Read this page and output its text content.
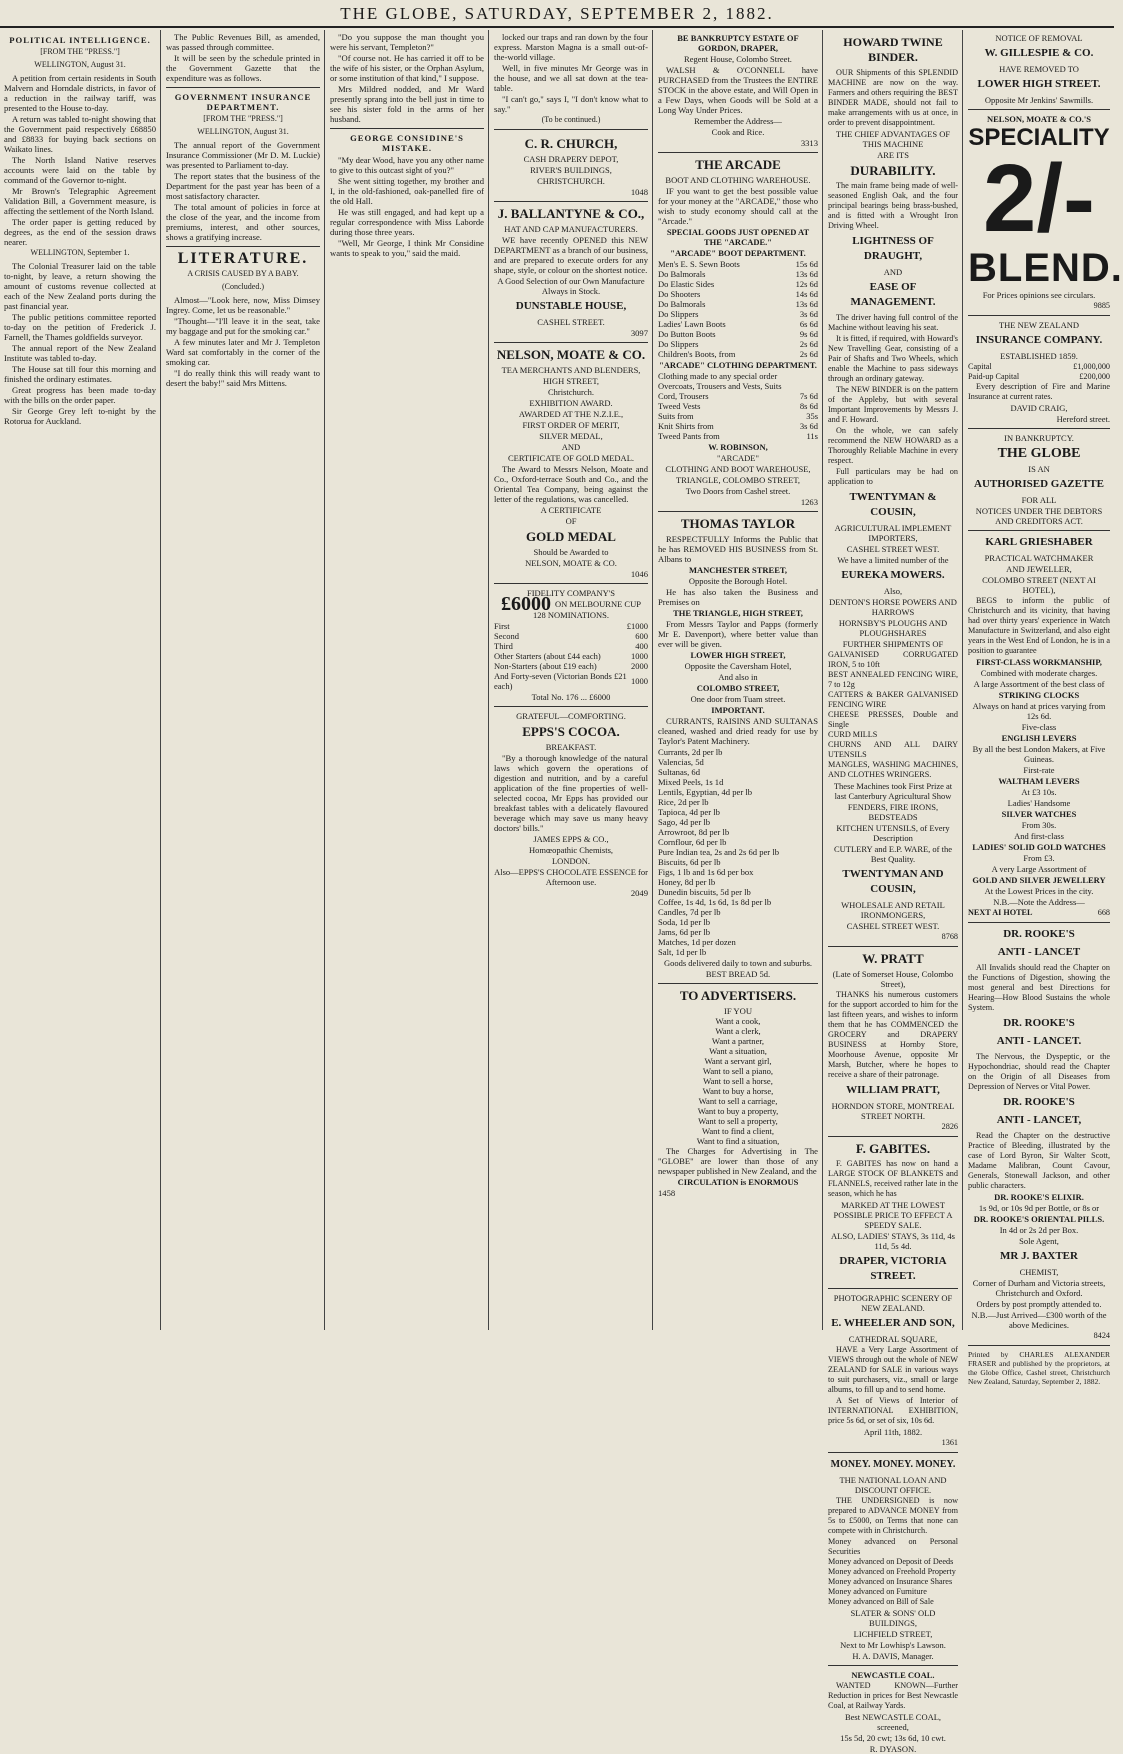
THE GLOBE, SATURDAY, SEPTEMBER 2, 1882.
POLITICAL INTELLIGENCE.
[FROM THE "PRESS."]
WELLINGTON, August 31.

A petition from certain residents in South Malvern and Horndale districts, in favor of a reduction in the railway tariff, was presented to the House to-day.

A return was tabled to-night showing that the Government paid respectively £68850 and £8833 for buying back sections on Waikato lines.

The North Island Native reserves accounts were laid on the table by command of the Governor to-night.

Mr Brown's Telegraphic Agreement Validation Bill, a Government measure, is affecting the settlement of the North Island.

The order paper is getting reduced by degrees, as the end of the session draws nearer.

WELLINGTON, September 1.

The Colonial Treasurer laid on the table to-night, by leave, a return showing the amount of customs revenue collected at each of the New Zealand ports during the past financial year.

The public petitions committee reported to-day on the petition of Frederick J. Farnell, the Thames goldfields surveyor.

The annual report of the New Zealand Institute was tabled to-day.

The House sat till four this morning and finished the ordinary estimates.

Great progress has been made to-day with the bills on the order paper.

Sir George Grey left to-night by the Rotorua for Auckland.

The Public Revenues Bill, as amended, was passed through committee.

It will be seen by the schedule printed in the Government Gazette that the expenditure was as follows.

GOVERNMENT INSURANCE DEPARTMENT.
[FROM THE "PRESS."]
WELLINGTON, August 31.

The annual report of the Government Insurance Commissioner (Mr D. M. Luckie) was presented to Parliament to-day.

The report states that the business of the Department for the past year has been of a most satisfactory character.

The total amount of policies in force at the close of the year, and the income from premiums, interest, and other sources, shows a gratifying increase.

LITERATURE.
A CRISIS CAUSED BY A BABY.
(Concluded.)

Almost—"Look here, now, Miss Dimsey Ingrey. Come, let us be reasonable."

"Thought—"I'll leave it in the seat, take my baggage and put for the smoking car."

A few minutes later and Mr J. Templeton Ward sat comfortably in the corner of the smoking car.

"I do really think this will ready want to desert the baby!" said Mrs Mittens.

"Do you suppose the man thought you were his servant, Templeton?"

"Of course not. He has carried it off to be the wife of his sister, or the Orphan Asylum, or some institution of that kind," I suppose.

Mrs Mildred nodded, and Mr Ward presently sprang into the bell just in time to see his sister fold in the arms of her husband.

GEORGE CONSIDINE'S MISTAKE.

"My dear Wood, have you any other name to give to this outcast sight of you?"

She went sitting together, my brother and I, in the old-fashioned, oak-panelled fire of the old Hall.

He was still engaged, and had kept up a regular correspondence with Miss Laborde during those three years.

"Well, Mr George, I think Mr Considine wants to speak to you," said the maid.

locked our traps and ran down by the four express. Marston Magna is a small out-of-the-world village.

Well, in five minutes Mr George was in the house, and we all sat down at the tea-table.

"I can't go," says I, "I don't know what to say."

(To be continued.)
C. R. CHURCH,
CASH DRAPERY DEPOT,
RIVER'S BUILDINGS,
CHRISTCHURCH.
1048
J. BALLANTYNE & CO.,
HAT AND CAP MANUFACTURERS.

WE have recently OPENED this NEW DEPARTMENT as a branch of our business, and are prepared to execute orders for any shape, style, or colour on the shortest notice.

A Good Selection of our Own Manufacture Always in Stock.
DUNSTABLE HOUSE,
CASHEL STREET.
3097
NELSON, MOATE & CO.
TEA MERCHANTS AND BLENDERS,
HIGH STREET,
Christchurch.
EXHIBITION AWARD.
AWARDED AT THE N.Z.I.E.,
FIRST ORDER OF MERIT,
SILVER MEDAL,
AND
CERTIFICATE OF GOLD MEDAL.

The Award to Messrs Nelson, Moate and Co., Oxford-terrace South and Co., and the Oriental Tea Company, being against the letter of the regulations, was cancelled.

A CERTIFICATE
OF
GOLD MEDAL
Should be Awarded to
NELSON, MOATE & CO.
1046
FIDELITY COMPANY'S
£6000 ON MELBOURNE CUP
128 NOMINATIONS.
First	£1000
Second	600
Third	400
Other Starters (about £44 each)	1000
Non-Starters (about £19 each)	2000
And Forty-seven (Victorian Bonds £21 each)	1000
Total No. 176 ... £6000
GRATEFUL—COMFORTING.
EPPS'S COCOA.
BREAKFAST.

"By a thorough knowledge of the natural laws which govern the operations of digestion and nutrition, and by a careful application of the fine properties of well-selected cocoa, Mr Epps has provided our breakfast tables with a delicately flavoured beverage which may save us many heavy doctors' bills."

JAMES EPPS & CO.,
Homœopathic Chemists,
LONDON.
Also—EPPS'S CHOCOLATE ESSENCE for Afternoon use.
2049
BE BANKRUPTCY ESTATE OF GORDON, DRAPER,
Regent House, Colombo Street.

WALSH & O'CONNELL have PURCHASED from the Trustees the ENTIRE STOCK in the above estate, and Will Open in a Few Days, when Goods will be Sold at a Long Way Under Prices.

Remember the Address—
Cook and Rice.
3313
THE ARCADE
BOOT AND CLOTHING WAREHOUSE.

IF you want to get the best possible value for your money at the "ARCADE," those who wish to study economy should call at the "Arcade."

SPECIAL GOODS JUST OPENED AT THE "ARCADE."
"ARCADE" BOOT DEPARTMENT.
Men's E. S. Sewn Boots	15s 6d
Do Balmorals	13s 6d
Do Elastic Sides	12s 6d
Do Shooters	14s 6d
Do Balmorals	13s 6d
Do Slippers	3s 6d
Ladies' Lawn Boots	6s 6d
Do Button Boots	9s 6d
Do Slippers	2s 6d
Children's Boots, from	2s 6d
"ARCADE" CLOTHING DEPARTMENT.
Clothing made to any special order	
Overcoats, Trousers and Vests, Suits	
Cord, Trousers	7s 6d
Tweed Vests	8s 6d
Suits from	35s
Knit Shirts from	3s 6d
Tweed Pants from	11s
W. ROBINSON,
"ARCADE"
CLOTHING AND BOOT WAREHOUSE,
TRIANGLE, COLOMBO STREET,
Two Doors from Cashel street.
1263
THOMAS TAYLOR

RESPECTFULLY Informs the Public that he has REMOVED HIS BUSINESS from St. Albans to

MANCHESTER STREET,
Opposite the Borough Hotel.

He has also taken the Business and Premises on

THE TRIANGLE, HIGH STREET,

From Messrs Taylor and Papps (formerly Mr E. Davenport), where better value than ever will be given.

LOWER HIGH STREET,
Opposite the Caversham Hotel,
And also in
COLOMBO STREET,
One door from Tuam street.
IMPORTANT.

CURRANTS, RAISINS AND SULTANAS cleaned, washed and dried ready for use by Taylor's Patent Machinery.

Currants, 2d per lb
Valencias, 5d
Sultanas, 6d
Mixed Peels, 1s 1d
Lentils, Egyptian, 4d per lb
Rice, 2d per lb
Tapioca, 4d per lb
Sago, 4d per lb
Arrowroot, 8d per lb
Cornflour, 6d per lb
Pure Indian tea, 2s and 2s 6d per lb
Biscuits, 6d per lb
Figs, 1 lb and 1s 6d per box
Honey, 8d per lb
Dunedin biscuits, 5d per lb
Coffee, 1s 4d, 1s 6d, 1s 8d per lb
Candles, 7d per lb
Soda, 1d per lb
Jams, 6d per lb
Matches, 1d per dozen
Salt, 1d per lb
Goods delivered daily to town and suburbs.
BEST BREAD 5d.
TO ADVERTISERS.
IF YOU
Want a cook,
Want a clerk,
Want a partner,
Want a situation,
Want a servant girl,
Want to sell a piano,
Want to sell a horse,
Want to buy a horse,
Want to sell a carriage,
Want to buy a property,
Want to sell a property,
Want to find a client,
Want to find a situation,

The Charges for Advertising in The "GLOBE" are lower than those of any newspaper published in New Zealand, and the

CIRCULATION is ENORMOUS
1458
HOWARD TWINE BINDER.

OUR Shipments of this SPLENDID MACHINE are now on the way. Farmers and others requiring the BEST BINDER MADE, should not fail to make arrangements with us at once, in order to prevent disappointment.

THE CHIEF ADVANTAGES OF THIS MACHINE
ARE ITS
DURABILITY.

The main frame being made of well-seasoned English Oak, and the four principal bearings being brass-bushed, and is fitted with a Wrought Iron Driving Wheel.

LIGHTNESS OF DRAUGHT,
AND
EASE OF MANAGEMENT.

The driver having full control of the Machine without leaving his seat.

It is fitted, if required, with Howard's New Travelling Gear, consisting of a Pair of Shafts and Two Wheels, which enable the Machine to pass sideways through an ordinary gateway.

The NEW BINDER is on the pattern of the Appleby, but with several Important Improvements by Messrs J. and F. Howard.

On the whole, we can safely recommend the NEW HOWARD as a Thoroughly Reliable Machine in every respect.

Full particulars may be had on application to

TWENTYMAN & COUSIN,
AGRICULTURAL IMPLEMENT IMPORTERS,
CASHEL STREET WEST.
We have a limited number of the
EUREKA MOWERS.
Also,
DENTON'S HORSE POWERS AND HARROWS
HORNSBY'S PLOUGHS AND PLOUGHSHARES
FURTHER SHIPMENTS OF
GALVANISED CORRUGATED IRON, 5 to 10ft
BEST ANNEALED FENCING WIRE, 7 to 12g
CATTERS & BAKER GALVANISED FENCING WIRE
CHEESE PRESSES, Double and Single
CURD MILLS
CHURNS AND ALL DAIRY UTENSILS
MANGLES, WASHING MACHINES, AND CLOTHES WRINGERS.
These Machines took First Prize at last Canterbury Agricultural Show
FENDERS, FIRE IRONS, BEDSTEADS
KITCHEN UTENSILS, of Every Description
CUTLERY and E.P. WARE, of the Best Quality.
TWENTYMAN AND COUSIN,
WHOLESALE AND RETAIL IRONMONGERS,
CASHEL STREET WEST.
8768
W. PRATT
(Late of Somerset House, Colombo Street),

THANKS his numerous customers for the support accorded to him for the last fifteen years, and wishes to inform them that he has COMMENCED the GROCERY and DRAPERY BUSINESS at Hornby Store, Moorhouse Avenue, opposite Mr Marsh, Butcher, where he hopes to receive a share of their patronage.

WILLIAM PRATT,
HORNDON STORE, MONTREAL STREET NORTH.
2826
F. GABITES.

F. GABITES has now on hand a LARGE STOCK OF BLANKETS and FLANNELS, received rather late in the season, which he has

MARKED AT THE LOWEST POSSIBLE PRICE TO EFFECT A SPEEDY SALE.
ALSO, LADIES' STAYS, 3s 11d, 4s 11d, 5s 4d.
DRAPER, VICTORIA STREET.
PHOTOGRAPHIC SCENERY OF NEW ZEALAND.
E. WHEELER AND SON,
CATHEDRAL SQUARE,

HAVE a Very Large Assortment of VIEWS through out the whole of NEW ZEALAND for SALE in various ways to suit purchasers, viz., small or large albums, to fill up and to send home.

A Set of Views of Interior of INTERNATIONAL EXHIBITION, price 5s 6d, or set of six, 10s 6d.

April 11th, 1882.
1361
MONEY. MONEY. MONEY.
THE NATIONAL LOAN AND DISCOUNT OFFICE.

THE UNDERSIGNED is now prepared to ADVANCE MONEY from 5s to £5000, on Terms that none can compete with in Christchurch.

Money advanced on Personal Securities
Money advanced on Deposit of Deeds
Money advanced on Freehold Property
Money advanced on Insurance Shares
Money advanced on Furniture
Money advanced on Bill of Sale
SLATER & SONS' OLD BUILDINGS,
LICHFIELD STREET,
Next to Mr Lowhisp's Lawson.
H. A. DAVIS, Manager.
NEWCASTLE COAL.

WANTED KNOWN—Further Reduction in prices for Best Newcastle Coal, at Railway Yards.

Best NEWCASTLE COAL, screened,
15s 5d, 20 cwt; 13s 6d, 10 cwt.
R. DYASON.
NOTICE OF REMOVAL
W. GILLESPIE & CO.
HAVE REMOVED TO
LOWER HIGH STREET.
Opposite Mr Jenkins' Sawmills.
NELSON, MOATE & CO.'S
SPECIALITY
2/-
BLEND.
For Prices opinions see circulars.
9885
THE NEW ZEALAND
INSURANCE COMPANY.
ESTABLISHED 1859.
Capital	£1,000,000
Paid-up Capital	£200,000

Every description of Fire and Marine Insurance at current rates.

DAVID CRAIG,
Hereford street.
IN BANKRUPTCY.
THE GLOBE
IS AN
AUTHORISED GAZETTE
FOR ALL
NOTICES UNDER THE DEBTORS AND CREDITORS ACT.
KARL GRIESHABER
PRACTICAL WATCHMAKER
AND JEWELLER,
COLOMBO STREET (NEXT AI HOTEL),

BEGS to inform the public of Christchurch and its vicinity, that having had over thirty years' experience in Watch Manufacture in Switzerland, and also eight years in the West End of London, he is in a position to guarantee

FIRST-CLASS WORKMANSHIP,
Combined with moderate charges.
A large Assortment of the best class of
STRIKING CLOCKS
Always on hand at prices varying from 12s 6d.
Five-class
ENGLISH LEVERS
By all the best London Makers, at Five Guineas.
First-rate
WALTHAM LEVERS
At £3 10s.
Ladies' Handsome
SILVER WATCHES
From 30s.
And first-class
LADIES' SOLID GOLD WATCHES
From £3.
A very Large Assortment of
GOLD AND SILVER JEWELLERY
At the Lowest Prices in the city.
N.B.—Note the Address—
NEXT AI HOTEL	668
DR. ROOKE'S
ANTI - LANCET

All Invalids should read the Chapter on the Functions of Digestion, showing the most general and best Directions for Hearing—How Blood Sustains the whole System.

DR. ROOKE'S
ANTI - LANCET.

The Nervous, the Dyspeptic, or the Hypochondriac, should read the Chapter on the Origin of all Diseases from Depression of Nerves or Vital Power.

DR. ROOKE'S
ANTI - LANCET,

Read the Chapter on the destructive Practice of Bleeding, illustrated by the case of Lord Byron, Sir Walter Scott, Madame Malibran, Count Cavour, Generals, Stonewall Jackson, and other public characters.

DR. ROOKE'S ELIXIR.
1s 9d, or 10s 9d per Bottle, or 8s or
DR. ROOKE'S ORIENTAL PILLS.
In 4d or 2s 2d per Box.
Sole Agent,
MR J. BAXTER
CHEMIST,
Corner of Durham and Victoria streets, Christchurch and Oxford.
Orders by post promptly attended to.
N.B.—Just Arrived—£300 worth of the above Medicines.
8424
Printed by CHARLES ALEXANDER FRASER and published by the proprietors, at the Globe Office, Cashel street, Christchurch New Zealand, Saturday, September 2, 1882.
